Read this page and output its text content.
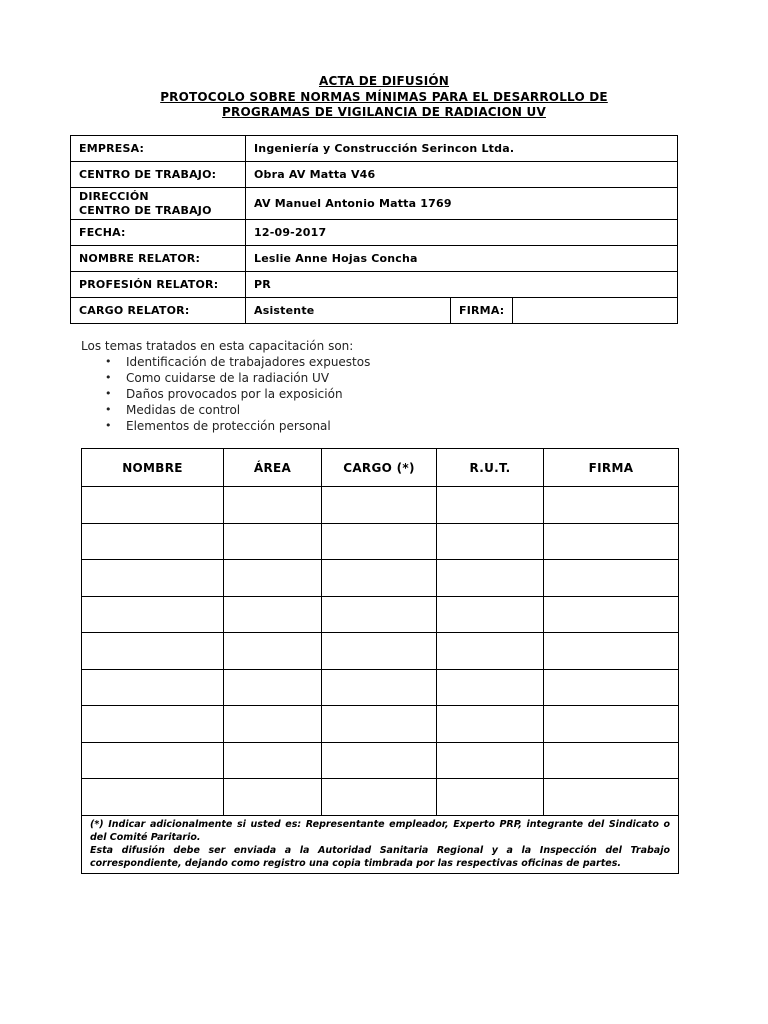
ACTA DE DIFUSIÓN
PROTOCOLO SOBRE NORMAS MÍNIMAS PARA EL DESARROLLO DE
PROGRAMAS DE VIGILANCIA DE RADIACION UV
EMPRESA:	Ingeniería y Construcción Serincon Ltda.		
CENTRO DE TRABAJO:	Obra AV Matta V46		

DIRECCIÓN
CENTRO DE TRABAJO	AV Manuel Antonio Matta 1769		
FECHA:	12-09-2017		
NOMBRE RELATOR:	Leslie Anne Hojas Concha		
PROFESIÓN RELATOR:	PR		
CARGO RELATOR:	Asistente	FIRMA:	
Los temas tratados en esta capacitación son:
• Identificación de trabajadores expuestos
• Como cuidarse de la radiación UV
• Daños provocados por la exposición
• Medidas de control
• Elementos de protección personal
NOMBRE	ÁREA	CARGO (*)	R.U.T.	FIRMA

(*) Indicar adicionalmente si usted es: Representante empleador, Experto PRP, integrante del Sindicato o del Comité Paritario.

Esta difusión debe ser enviada a la Autoridad Sanitaria Regional y a la Inspección del Trabajo correspondiente, dejando como registro una copia timbrada por las respectivas oficinas de partes.				
